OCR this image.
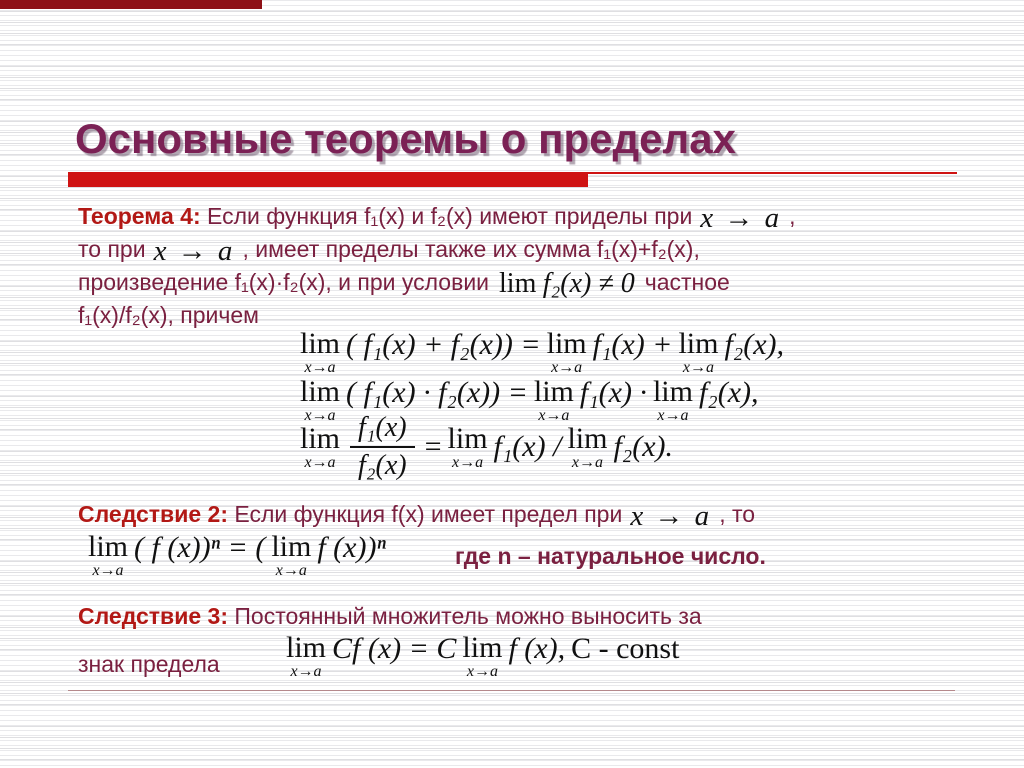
Основные теоремы о пределах
Теорема 4: Если функция f₁(x) и f₂(x) имеют приделы при x → a ,
то при x → a , имеет пределы также их сумма f₁(x)+f₂(x),
произведение f₁(x)·f₂(x), и при условии lim f₂(x) ≠ 0 частное
f₁(x)/f₂(x), причем
lim
x→a
( f₁(x) + f₂(x)) = lim
x→a
f₁(x) + lim
x→a
f₂(x),
lim
x→a
( f₁(x) · f₂(x)) = lim
x→a
f₁(x) · lim
x→a
f₂(x),
lim
$x\to a \frac{\text{f₁(x)}}{\text{f₂(x)}} = \lim$
x→a f₁(x) / lim
x→a f₂(x).
Следствие 2: Если функция f(x) имеет предел при x → a , то
lim
x→a
( f (x))ⁿ = ( lim
x→a
f (x))ⁿ	где n – натуральное число.
Следствие 3: Постоянный множитель можно выносить за
знак предела lim
x→a
Cf (x) = C lim
x→a
f (x), C - const
